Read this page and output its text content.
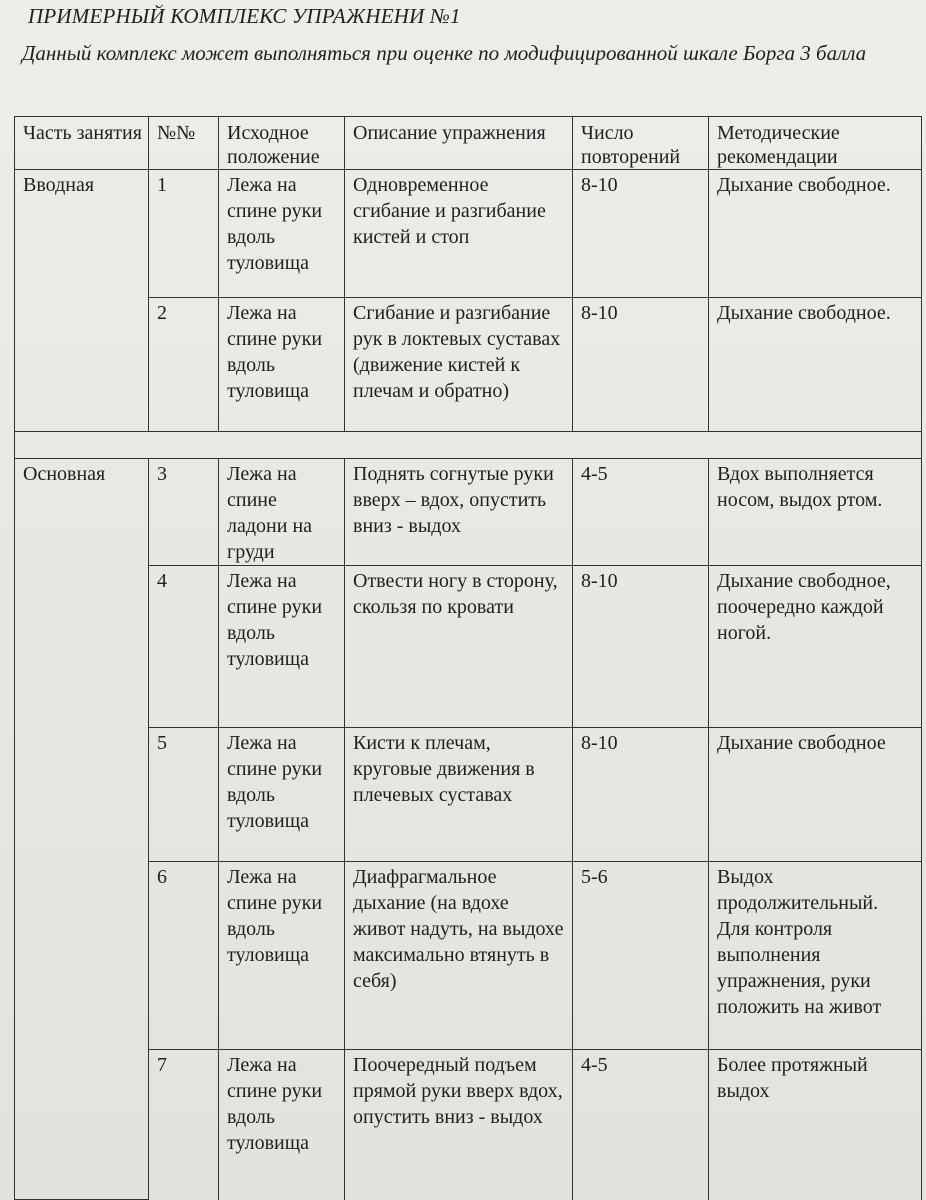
ПРИМЕРНЫЙ КОМПЛЕКС УПРАЖНЕНИ №1
Данный комплекс может выполняться при оценке по модифицированной шкале Борга 3 балла
Часть занятия	№№	Исходное положение	Описание упражнения	Число повторений	Методические рекомендации
Вводная	1	Лежа на спине руки вдоль туловища	Одновременное сгибание и разгибание кистей и стоп	8-10	Дыхание свободное.
	2	Лежа на спине руки вдоль туловища	Сгибание и разгибание рук в локтевых суставах (движение кистей к плечам и обратно)	8-10	Дыхание свободное.

Основная	3	Лежа на спине ладони на груди	Поднять согнутые руки вверх – вдох, опустить вниз - выдох	4-5	Вдох выполняется носом, выдох ртом.
	4	Лежа на спине руки вдоль туловища	Отвести ногу в сторону, скользя по кровати	8-10	Дыхание свободное, поочередно каждой ногой.
	5	Лежа на спине руки вдоль туловища	Кисти к плечам, круговые движения в плечевых суставах	8-10	Дыхание свободное
	6	Лежа на спине руки вдоль туловища	Диафрагмальное дыхание (на вдохе живот надуть, на выдохе максимально втянуть в себя)	5-6	Выдох продолжительный. Для контроля выполнения упражнения, руки положить на живот
	7	Лежа на спине руки вдоль туловища	Поочередный подъем прямой руки вверх вдох, опустить вниз - выдох	4-5	Более протяжный выдох
